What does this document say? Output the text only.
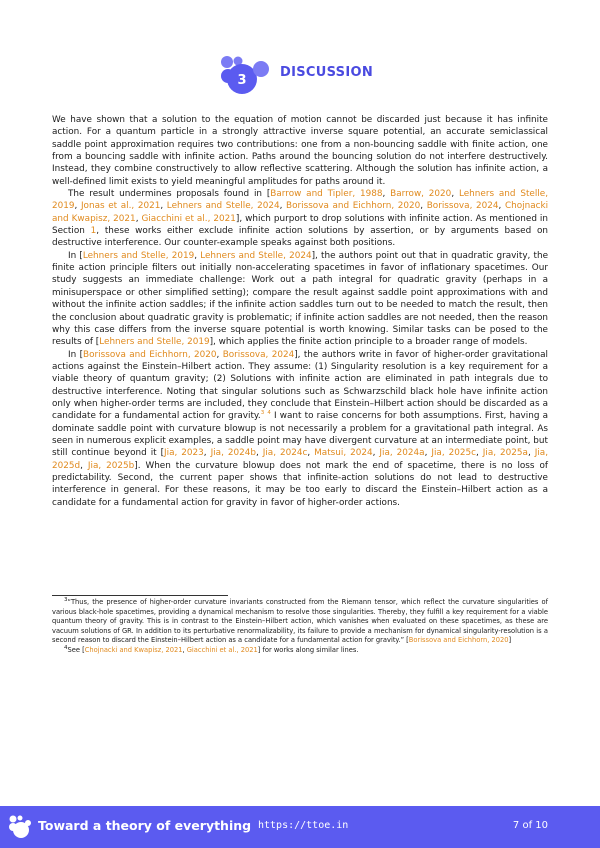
3
DISCUSSION

We have shown that a solution to the equation of motion cannot be discarded just because it has infinite action. For a quantum particle in a strongly attractive inverse square potential, an accurate semiclassical saddle point approximation requires two contributions: one from a non-bouncing saddle with finite action, one from a bouncing saddle with infinite action. Paths around the bouncing solution do not interfere destructively. Instead, they combine constructively to allow reflective scattering. Although the solution has infinite action, a well-defined limit exists to yield meaningful amplitudes for paths around it.

The result undermines proposals found in [Barrow and Tipler, 1988, Barrow, 2020, Lehners and Stelle, 2019, Jonas et al., 2021, Lehners and Stelle, 2024, Borissova and Eichhorn, 2020, Borissova, 2024, Chojnacki and Kwapisz, 2021, Giacchini et al., 2021], which purport to drop solutions with infinite action. As mentioned in Section 1, these works either exclude infinite action solutions by assertion, or by arguments based on destructive interference. Our counter-example speaks against both positions.

In [Lehners and Stelle, 2019, Lehners and Stelle, 2024], the authors point out that in quadratic gravity, the finite action principle filters out initially non-accelerating spacetimes in favor of inflationary spacetimes. Our study suggests an immediate challenge: Work out a path integral for quadratic gravity (perhaps in a minisuperspace or other simplified setting); compare the result against saddle point approximations with and without the infinite action saddles; if the infinite action saddles turn out to be needed to match the result, then the conclusion about quadratic gravity is problematic; if infinite action saddles are not needed, then the reason why this case differs from the inverse square potential is worth knowing. Similar tasks can be posed to the results of [Lehners and Stelle, 2019], which applies the finite action principle to a broader range of models.

In [Borissova and Eichhorn, 2020, Borissova, 2024], the authors write in favor of higher-order gravitational actions against the Einstein–Hilbert action. They assume: (1) Singularity resolution is a key requirement for a viable theory of quantum gravity; (2) Solutions with infinite action are eliminated in path integrals due to destructive interference. Noting that singular solutions such as Schwarzschild black hole have infinite action only when higher-order terms are included, they conclude that Einstein–Hilbert action should be discarded as a candidate for a fundamental action for gravity.$^3$ $^4$ I want to raise concerns for both assumptions. First, having a dominate saddle point with curvature blowup is not necessarily a problem for a gravitational path integral. As seen in numerous explicit examples, a saddle point may have divergent curvature at an intermediate point, but still continue beyond it [Jia, 2023, Jia, 2024b, Jia, 2024c, Matsui, 2024, Jia, 2024a, Jia, 2025c, Jia, 2025a, Jia, 2025d, Jia, 2025b]. When the curvature blowup does not mark the end of spacetime, there is no loss of predictability. Second, the current paper shows that infinite-action solutions do not lead to destructive interference in general. For these reasons, it may be too early to discard the Einstein–Hilbert action as a candidate for a fundamental action for gravity in favor of higher-order actions.

$^3$“Thus, the presence of higher-order curvature invariants constructed from the Riemann tensor, which reflect the curvature singularities of various black-hole spacetimes, providing a dynamical mechanism to resolve those singularities. Thereby, they fulfill a key requirement for a viable quantum theory of gravity. This is in contrast to the Einstein–Hilbert action, which vanishes when evaluated on these spacetimes, as these are vacuum solutions of GR. In addition to its perturbative renormalizability, its failure to provide a mechanism for dynamical singularity-resolution is a second reason to discard the Einstein–Hilbert action as a candidate for a fundamental action for gravity.” [Borissova and Eichhorn, 2020]

$^4$See [Chojnacki and Kwapisz, 2021, Giacchini et al., 2021] for works along similar lines.

Toward a theory of everything https://ttoe.in	7 of 10
